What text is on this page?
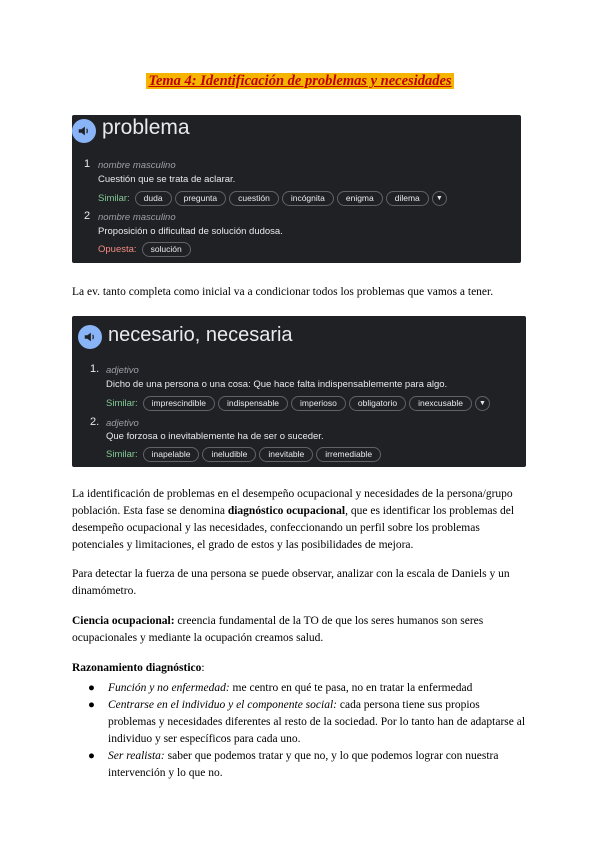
Tema 4: Identificación de problemas y necesidades
problema
1 nombre masculino
Cuestión que se trata de aclarar.
Similar:	duda	pregunta	cuestión	incógnita	enigma	dilema	▼
2 nombre masculino
Proposición o dificultad de solución dudosa.
Opuesta:	solución
La ev. tanto completa como inicial va a condicionar todos los problemas que vamos a tener.
necesario, necesaria
1. adjetivo
Dicho de una persona o una cosa: Que hace falta indispensablemente para algo.
Similar:	imprescindible	indispensable	imperioso	obligatorio	inexcusable	▼
2. adjetivo
Que forzosa o inevitablemente ha de ser o suceder.
Similar:	inapelable	ineludible	inevitable	irremediable
La identificación de problemas en el desempeño ocupacional y necesidades de la persona/grupo población. Esta fase se denomina diagnóstico ocupacional, que es identificar los problemas del desempeño ocupacional y las necesidades, confeccionando un perfil sobre los problemas potenciales y limitaciones, el grado de estos y las posibilidades de mejora.
Para detectar la fuerza de una persona se puede observar, analizar con la escala de Daniels y un dinamómetro.
Ciencia ocupacional: creencia fundamental de la TO de que los seres humanos son seres ocupacionales y mediante la ocupación creamos salud.
Razonamiento diagnóstico:
● Función y no enfermedad: me centro en qué te pasa, no en tratar la enfermedad
● Centrarse en el individuo y el componente social: cada persona tiene sus propios problemas y necesidades diferentes al resto de la sociedad. Por lo tanto han de adaptarse al individuo y ser específicos para cada uno.
● Ser realista: saber que podemos tratar y que no, y lo que podemos lograr con nuestra intervención y lo que no.
